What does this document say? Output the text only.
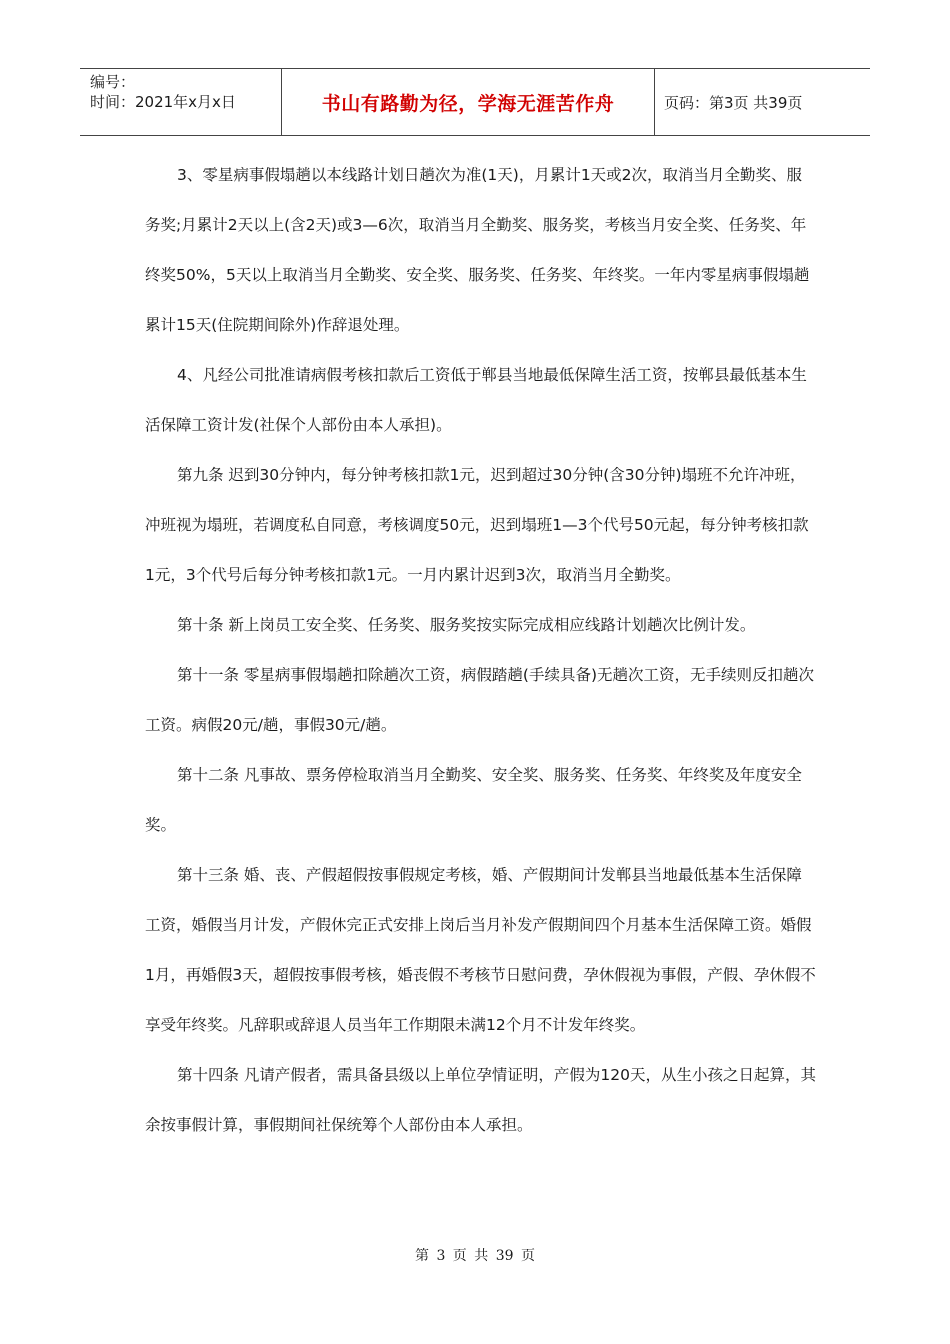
编号：
时间：2021年x月x日	书山有路勤为径，学海无涯苦作舟	页码：第3页 共39页

3、零星病事假塌趟以本线路计划日趟次为准(1天)，月累计1天或2次，取消当月全勤奖、服务奖;月累计2天以上(含2天)或3—6次，取消当月全勤奖、服务奖，考核当月安全奖、任务奖、年终奖50%，5天以上取消当月全勤奖、安全奖、服务奖、任务奖、年终奖。一年内零星病事假塌趟累计15天(住院期间除外)作辞退处理。

4、凡经公司批准请病假考核扣款后工资低于郸县当地最低保障生活工资，按郸县最低基本生活保障工资计发(社保个人部份由本人承担)。

第九条 迟到30分钟内，每分钟考核扣款1元，迟到超过30分钟(含30分钟)塌班不允许冲班，冲班视为塌班，若调度私自同意，考核调度50元，迟到塌班1—3个代号50元起，每分钟考核扣款1元，3个代号后每分钟考核扣款1元。一月内累计迟到3次，取消当月全勤奖。

第十条 新上岗员工安全奖、任务奖、服务奖按实际完成相应线路计划趟次比例计发。

第十一条 零星病事假塌趟扣除趟次工资，病假踏趟(手续具备)无趟次工资，无手续则反扣趟次工资。病假20元/趟，事假30元/趟。

第十二条 凡事故、票务停检取消当月全勤奖、安全奖、服务奖、任务奖、年终奖及年度安全奖。

第十三条 婚、丧、产假超假按事假规定考核，婚、产假期间计发郸县当地最低基本生活保障工资，婚假当月计发，产假休完正式安排上岗后当月补发产假期间四个月基本生活保障工资。婚假1月，再婚假3天，超假按事假考核，婚丧假不考核节日慰问费，孕休假视为事假，产假、孕休假不享受年终奖。凡辞职或辞退人员当年工作期限未满12个月不计发年终奖。

第十四条 凡请产假者，需具备县级以上单位孕情证明，产假为120天，从生小孩之日起算，其余按事假计算，事假期间社保统筹个人部份由本人承担。

第 3 页 共 39 页
